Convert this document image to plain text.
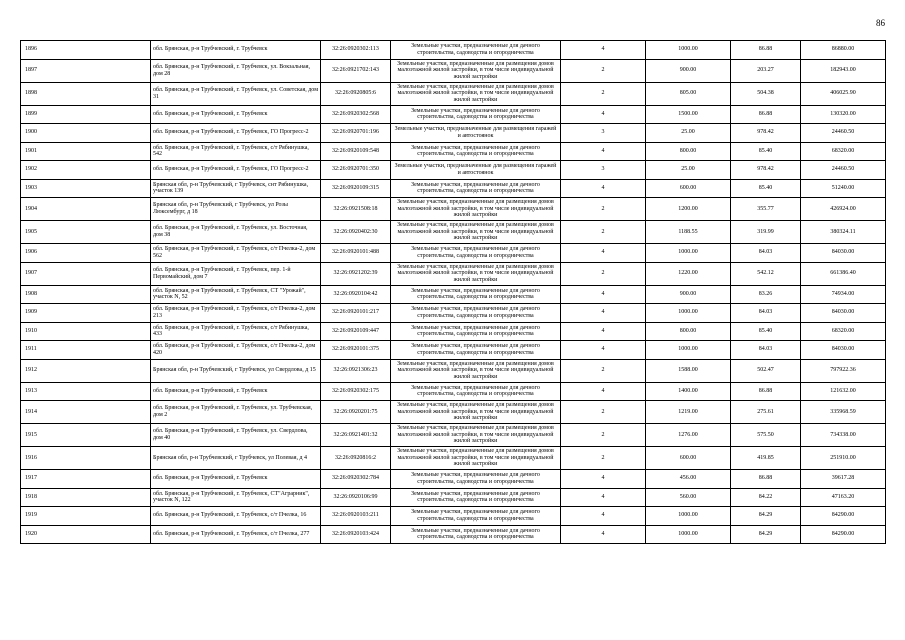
86
1896	обл. Брянская, р-н Трубчевский, г. Трубчевск	32:26:0920302:113	Земельные участки, предназначенные для дачного строительства, садоводства и огородничества	4	1000.00	86.88	86880.00
1897	обл. Брянская, р-н Трубчевский, г. Трубчевск, ул. Вокзальная, дом 28	32:26:0921702:143	Земельные участки, предназначенные для размещения домов малоэтажной жилой застройки, в том числе индивидуальной жилой застройки	2	900.00	203.27	182943.00
1898	обл. Брянская, р-н Трубчевский, г. Трубчевск, ул. Советская, дом 31	32:26:0920805:6	Земельные участки, предназначенные для размещения домов малоэтажной жилой застройки, в том числе индивидуальной жилой застройки	2	805.00	504.38	406025.90
1899	обл. Брянская, р-н Трубчевский, г. Трубчевск	32:26:0920302:568	Земельные участки, предназначенные для дачного строительства, садоводства и огородничества	4	1500.00	86.88	130320.00
1900	обл. Брянская, р-н Трубчевский, г. Трубчевск, ГО Прогресс-2	32:26:0920701:196	Земельные участки, предназначенные для размещения гаражей и автостоянок	3	25.00	978.42	24460.50
1901	обл. Брянская, р-н Трубчевский, г. Трубчевск, с/т Рябинушка, 542	32:26:0920109:548	Земельные участки, предназначенные для дачного строительства, садоводства и огородничества	4	800.00	85.40	68320.00
1902	обл. Брянская, р-н Трубчевский, г. Трубчевск, ГО Прогресс-2	32:26:0920701:350	Земельные участки, предназначенные для размещения гаражей и автостоянок	3	25.00	978.42	24460.50
1903	Брянская обл, р-н Трубчевский, г Трубчевск, снт Рябинушка, участок 139	32:26:0920109:315	Земельные участки, предназначенные для дачного строительства, садоводства и огородничества	4	600.00	85.40	51240.00
1904	Брянская обл, р-н Трубчевский, г Трубчевск, ул Розы Люксембург, д 18	32:26:0921508:18	Земельные участки, предназначенные для размещения домов малоэтажной жилой застройки, в том числе индивидуальной жилой застройки	2	1200.00	355.77	426924.00
1905	обл. Брянская, р-н Трубчевский, г. Трубчевск, ул. Восточная, дом 38	32:26:0920402:30	Земельные участки, предназначенные для размещения домов малоэтажной жилой застройки, в том числе индивидуальной жилой застройки	2	1188.55	319.99	380324.11
1906	обл. Брянская, р-н Трубчевский, г. Трубчевск, с/т Пчелка-2, дом 562	32:26:0920101:488	Земельные участки, предназначенные для дачного строительства, садоводства и огородничества	4	1000.00	84.03	84030.00
1907	обл. Брянская, р-н Трубчевский, г. Трубчевск, пер. 1-й Первомайский, дом 7	32:26:0921202:39	Земельные участки, предназначенные для размещения домов малоэтажной жилой застройки, в том числе индивидуальной жилой застройки	2	1220.00	542.12	661386.40
1908	обл. Брянская, р-н Трубчевский, г. Трубчевск, СТ "Урожай", участок N, 52	32:26:0920104:42	Земельные участки, предназначенные для дачного строительства, садоводства и огородничества	4	900.00	83.26	74934.00
1909	обл. Брянская, р-н Трубчевский, г. Трубчевск, с/т Пчелка-2, дом 213	32:26:0920101:217	Земельные участки, предназначенные для дачного строительства, садоводства и огородничества	4	1000.00	84.03	84030.00
1910	обл. Брянская, р-н Трубчевский, г. Трубчевск, с/т Рябинушка, 433	32:26:0920109:447	Земельные участки, предназначенные для дачного строительства, садоводства и огородничества	4	800.00	85.40	68320.00
1911	обл. Брянская, р-н Трубчевский, г. Трубчевск, с/т Пчелка-2, дом 420	32:26:0920101:375	Земельные участки, предназначенные для дачного строительства, садоводства и огородничества	4	1000.00	84.03	84030.00
1912	Брянская обл, р-н Трубчевский, г Трубчевск, ул Свердлова, д 15	32:26:0921306:23	Земельные участки, предназначенные для размещения домов малоэтажной жилой застройки, в том числе индивидуальной жилой застройки	2	1588.00	502.47	797922.36
1913	обл. Брянская, р-н Трубчевский, г. Трубчевск	32:26:0920302:175	Земельные участки, предназначенные для дачного строительства, садоводства и огородничества	4	1400.00	86.88	121632.00
1914	обл. Брянская, р-н Трубчевский, г. Трубчевск, ул. Трубчевская, дом 2	32:26:0920201:75	Земельные участки, предназначенные для размещения домов малоэтажной жилой застройки, в том числе индивидуальной жилой застройки	2	1219.00	275.61	335968.59
1915	обл. Брянская, р-н Трубчевский, г. Трубчевск, ул. Свердлова, дом 40	32:26:0921401:32	Земельные участки, предназначенные для размещения домов малоэтажной жилой застройки, в том числе индивидуальной жилой застройки	2	1276.00	575.50	734338.00
1916	Брянская обл, р-н Трубчевский, г Трубчевск, ул Полевая, д 4	32:26:0920816:2	Земельные участки, предназначенные для размещения домов малоэтажной жилой застройки, в том числе индивидуальной жилой застройки	2	600.00	419.85	251910.00
1917	обл. Брянская, р-н Трубчевский, г. Трубчевск	32:26:0920302:784	Земельные участки, предназначенные для дачного строительства, садоводства и огородничества	4	456.00	86.88	39617.28
1918	обл. Брянская, р-н Трубчевский, г. Трубчевск, СТ"Аграрник", участок N, 122	32:26:0920106:99	Земельные участки, предназначенные для дачного строительства, садоводства и огородничества	4	560.00	84.22	47163.20
1919	обл. Брянская, р-н Трубчевский, г. Трубчевск, с/т Пчелка, 16	32:26:0920103:211	Земельные участки, предназначенные для дачного строительства, садоводства и огородничества	4	1000.00	84.29	84290.00
1920	обл. Брянская, р-н Трубчевский, г. Трубчевск, с/т Пчелка, 277	32:26:0920103:424	Земельные участки, предназначенные для дачного строительства, садоводства и огородничества	4	1000.00	84.29	84290.00
